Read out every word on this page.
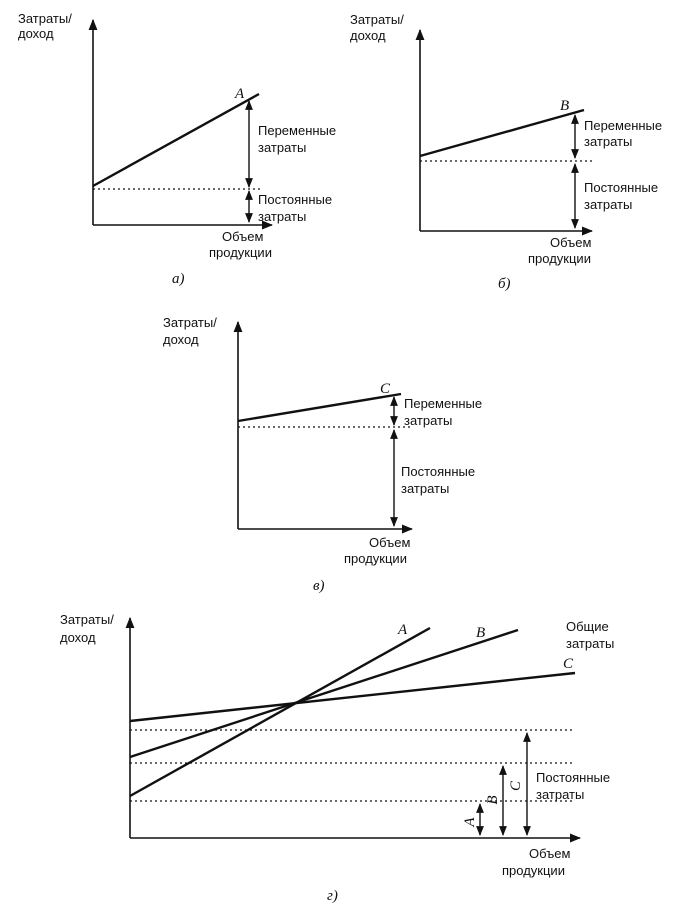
Затраты/
доход
A
Переменные
затраты
Постоянные
затраты
Объем
продукции
а)
Затраты/
доход
B
Переменные
затраты
Постоянные
затраты
Объем
продукции
б)
Затраты/
доход
C
Переменные
затраты
Постоянные
затраты
Объем
продукции
в)
Затраты/
доход	A	B
C
Общие
затраты
A
B
C
Постоянные
затраты
Объем
продукции
г)
